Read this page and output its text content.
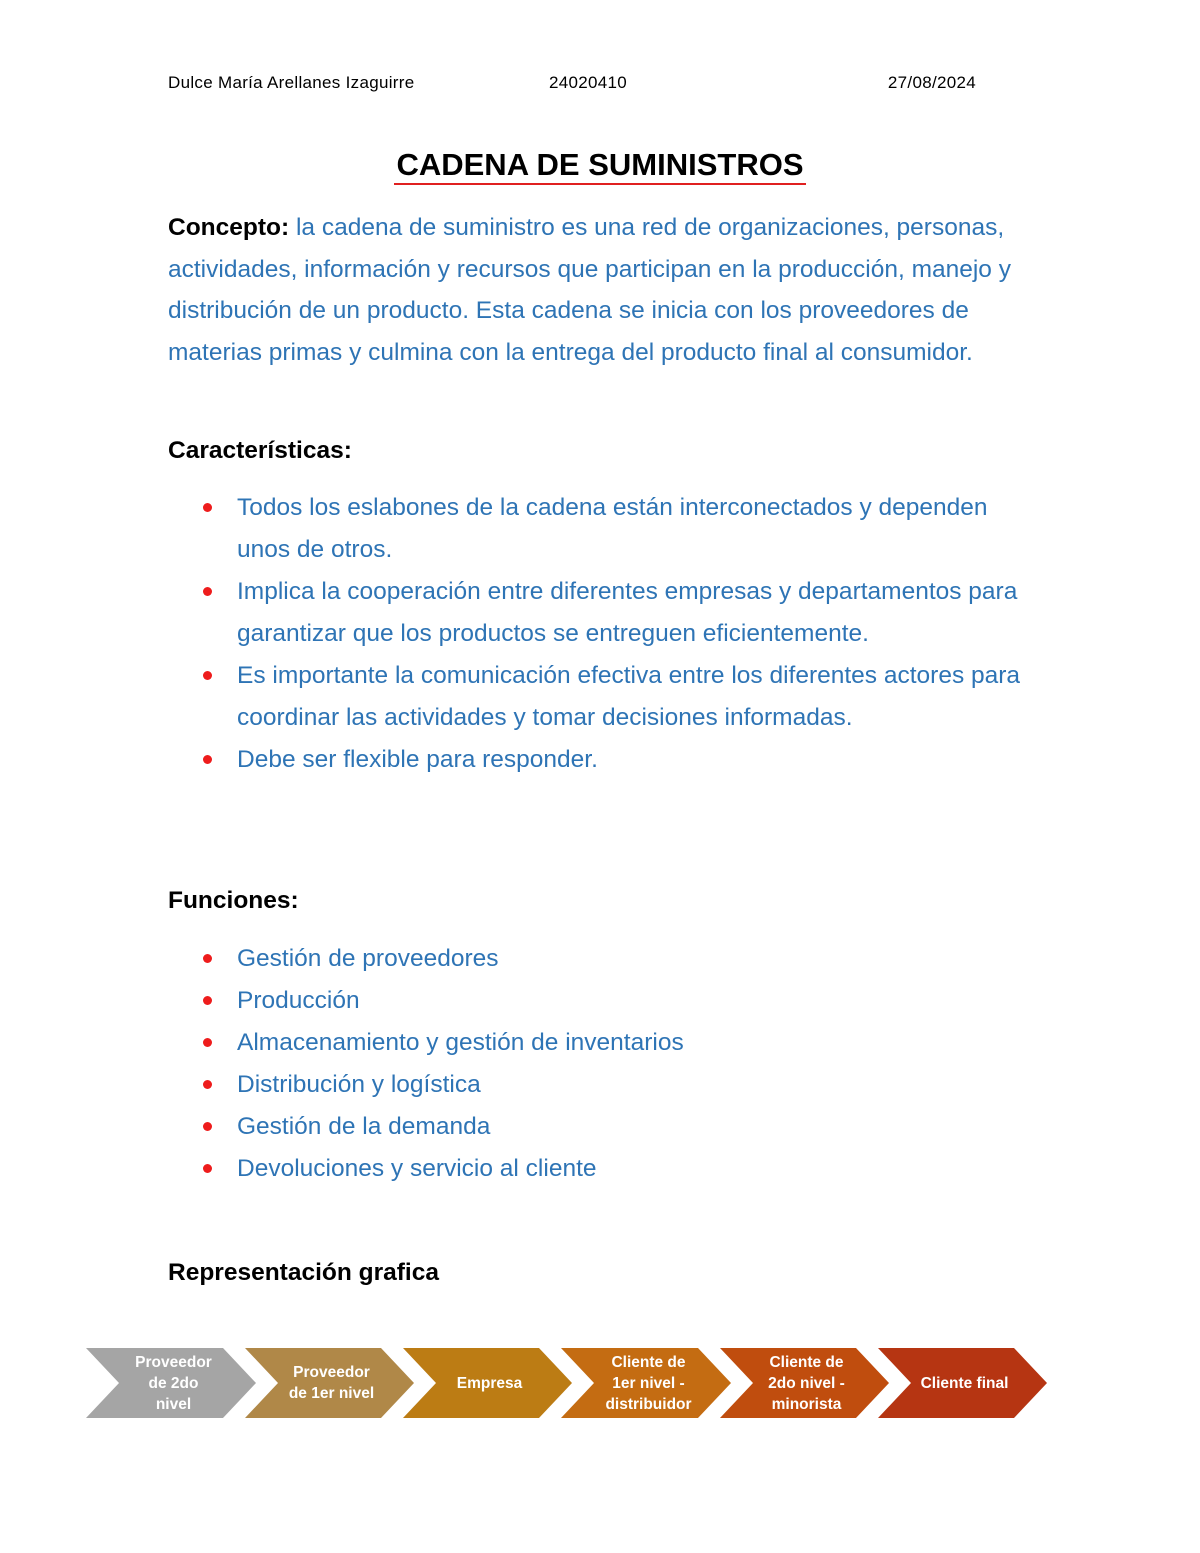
Dulce María Arellanes Izaguirre	24020410	27/08/2024
CADENA DE SUMINISTROS
Concepto: la cadena de suministro es una red de organizaciones, personas, actividades, información y recursos que participan en la producción, manejo y distribución de un producto. Esta cadena se inicia con los proveedores de materias primas y culmina con la entrega del producto final al consumidor.
Características:
Todos los eslabones de la cadena están interconectados y dependen unos de otros.
Implica la cooperación entre diferentes empresas y departamentos para garantizar que los productos se entreguen eficientemente.
Es importante la comunicación efectiva entre los diferentes actores para coordinar las actividades y tomar decisiones informadas.
Debe ser flexible para responder.
Funciones:
Gestión de proveedores
Producción
Almacenamiento y gestión de inventarios
Distribución y logística
Gestión de la demanda
Devoluciones y servicio al cliente
Representación grafica
Proveedor
de 2do
nivel
Proveedor
de 1er nivel
Empresa
Cliente de
1er nivel -
distribuidor
Cliente de
2do nivel -
minorista
Cliente final
